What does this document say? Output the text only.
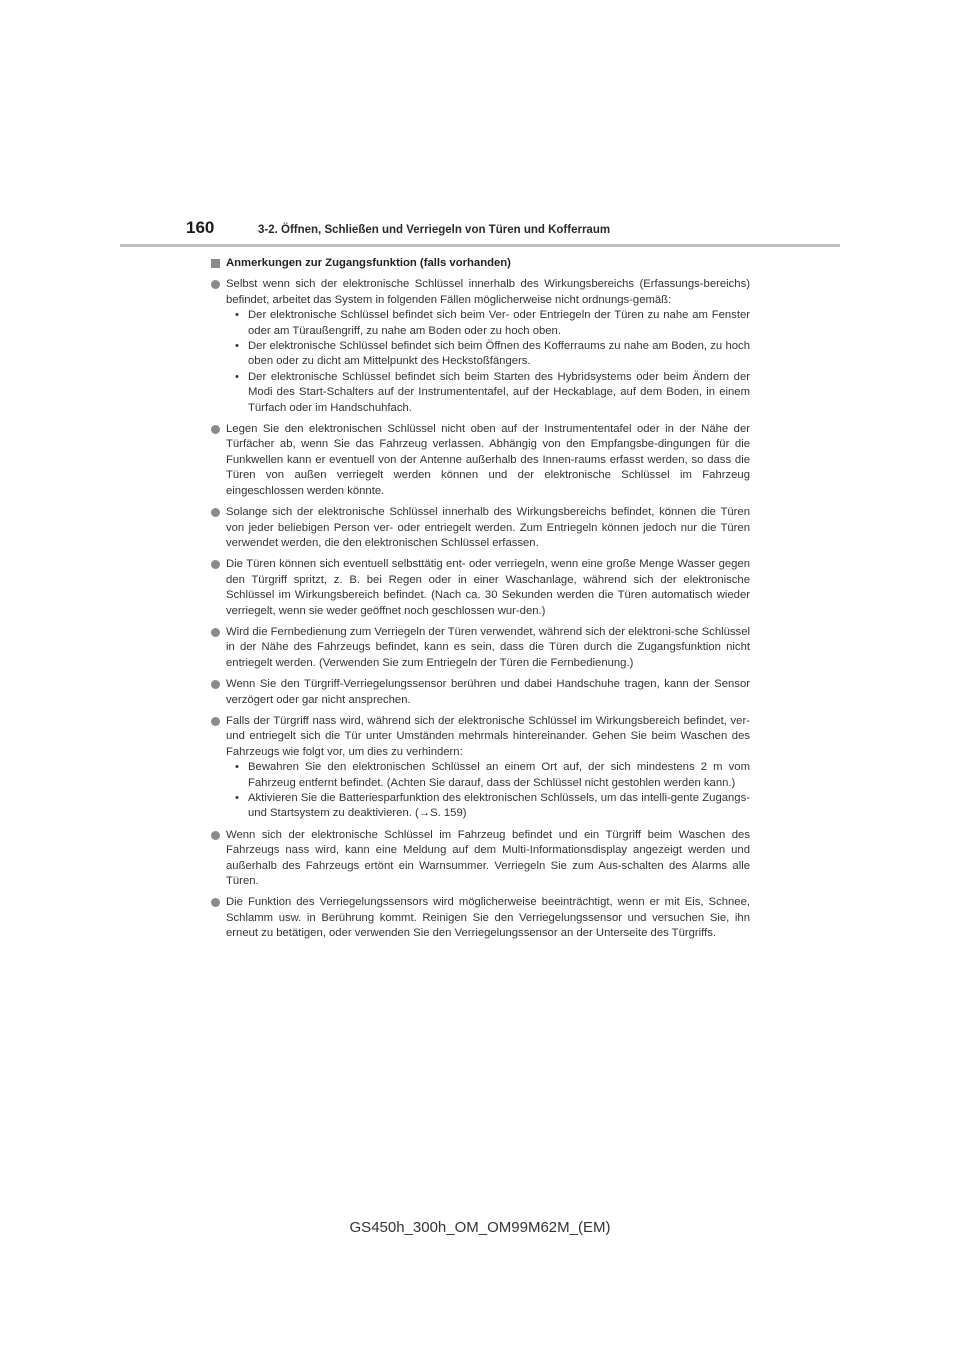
160	3-2. Öffnen, Schließen und Verriegeln von Türen und Kofferraum
Anmerkungen zur Zugangsfunktion (falls vorhanden)
Selbst wenn sich der elektronische Schlüssel innerhalb des Wirkungsbereichs (Erfassungs-bereichs) befindet, arbeitet das System in folgenden Fällen möglicherweise nicht ordnungs-gemäß:
• Der elektronische Schlüssel befindet sich beim Ver- oder Entriegeln der Türen zu nahe am Fenster oder am Türaußengriff, zu nahe am Boden oder zu hoch oben.
• Der elektronische Schlüssel befindet sich beim Öffnen des Kofferraums zu nahe am Boden, zu hoch oben oder zu dicht am Mittelpunkt des Heckstoßfängers.
• Der elektronische Schlüssel befindet sich beim Starten des Hybridsystems oder beim Ändern der Modi des Start-Schalters auf der Instrumententafel, auf der Heckablage, auf dem Boden, in einem Türfach oder im Handschuhfach.
Legen Sie den elektronischen Schlüssel nicht oben auf der Instrumententafel oder in der Nähe der Türfächer ab, wenn Sie das Fahrzeug verlassen. Abhängig von den Empfangsbe-dingungen für die Funkwellen kann er eventuell von der Antenne außerhalb des Innen-raums erfasst werden, so dass die Türen von außen verriegelt werden können und der elektronische Schlüssel im Fahrzeug eingeschlossen werden könnte.
Solange sich der elektronische Schlüssel innerhalb des Wirkungsbereichs befindet, können die Türen von jeder beliebigen Person ver- oder entriegelt werden. Zum Entriegeln können jedoch nur die Türen verwendet werden, die den elektronischen Schlüssel erfassen.
Die Türen können sich eventuell selbsttätig ent- oder verriegeln, wenn eine große Menge Wasser gegen den Türgriff spritzt, z. B. bei Regen oder in einer Waschanlage, während sich der elektronische Schlüssel im Wirkungsbereich befindet. (Nach ca. 30 Sekunden werden die Türen automatisch wieder verriegelt, wenn sie weder geöffnet noch geschlossen wur-den.)
Wird die Fernbedienung zum Verriegeln der Türen verwendet, während sich der elektroni-sche Schlüssel in der Nähe des Fahrzeugs befindet, kann es sein, dass die Türen durch die Zugangsfunktion nicht entriegelt werden. (Verwenden Sie zum Entriegeln der Türen die Fernbedienung.)
Wenn Sie den Türgriff-Verriegelungssensor berühren und dabei Handschuhe tragen, kann der Sensor verzögert oder gar nicht ansprechen.
Falls der Türgriff nass wird, während sich der elektronische Schlüssel im Wirkungsbereich befindet, ver- und entriegelt sich die Tür unter Umständen mehrmals hintereinander. Gehen Sie beim Waschen des Fahrzeugs wie folgt vor, um dies zu verhindern:
• Bewahren Sie den elektronischen Schlüssel an einem Ort auf, der sich mindestens 2 m vom Fahrzeug entfernt befindet. (Achten Sie darauf, dass der Schlüssel nicht gestohlen werden kann.)
• Aktivieren Sie die Batteriesparfunktion des elektronischen Schlüssels, um das intelli-gente Zugangs- und Startsystem zu deaktivieren. (→S. 159)
Wenn sich der elektronische Schlüssel im Fahrzeug befindet und ein Türgriff beim Waschen des Fahrzeugs nass wird, kann eine Meldung auf dem Multi-Informationsdisplay angezeigt werden und außerhalb des Fahrzeugs ertönt ein Warnsummer. Verriegeln Sie zum Aus-schalten des Alarms alle Türen.
Die Funktion des Verriegelungssensors wird möglicherweise beeinträchtigt, wenn er mit Eis, Schnee, Schlamm usw. in Berührung kommt. Reinigen Sie den Verriegelungssensor und versuchen Sie, ihn erneut zu betätigen, oder verwenden Sie den Verriegelungssensor an der Unterseite des Türgriffs.
GS450h_300h_OM_OM99M62M_(EM)
